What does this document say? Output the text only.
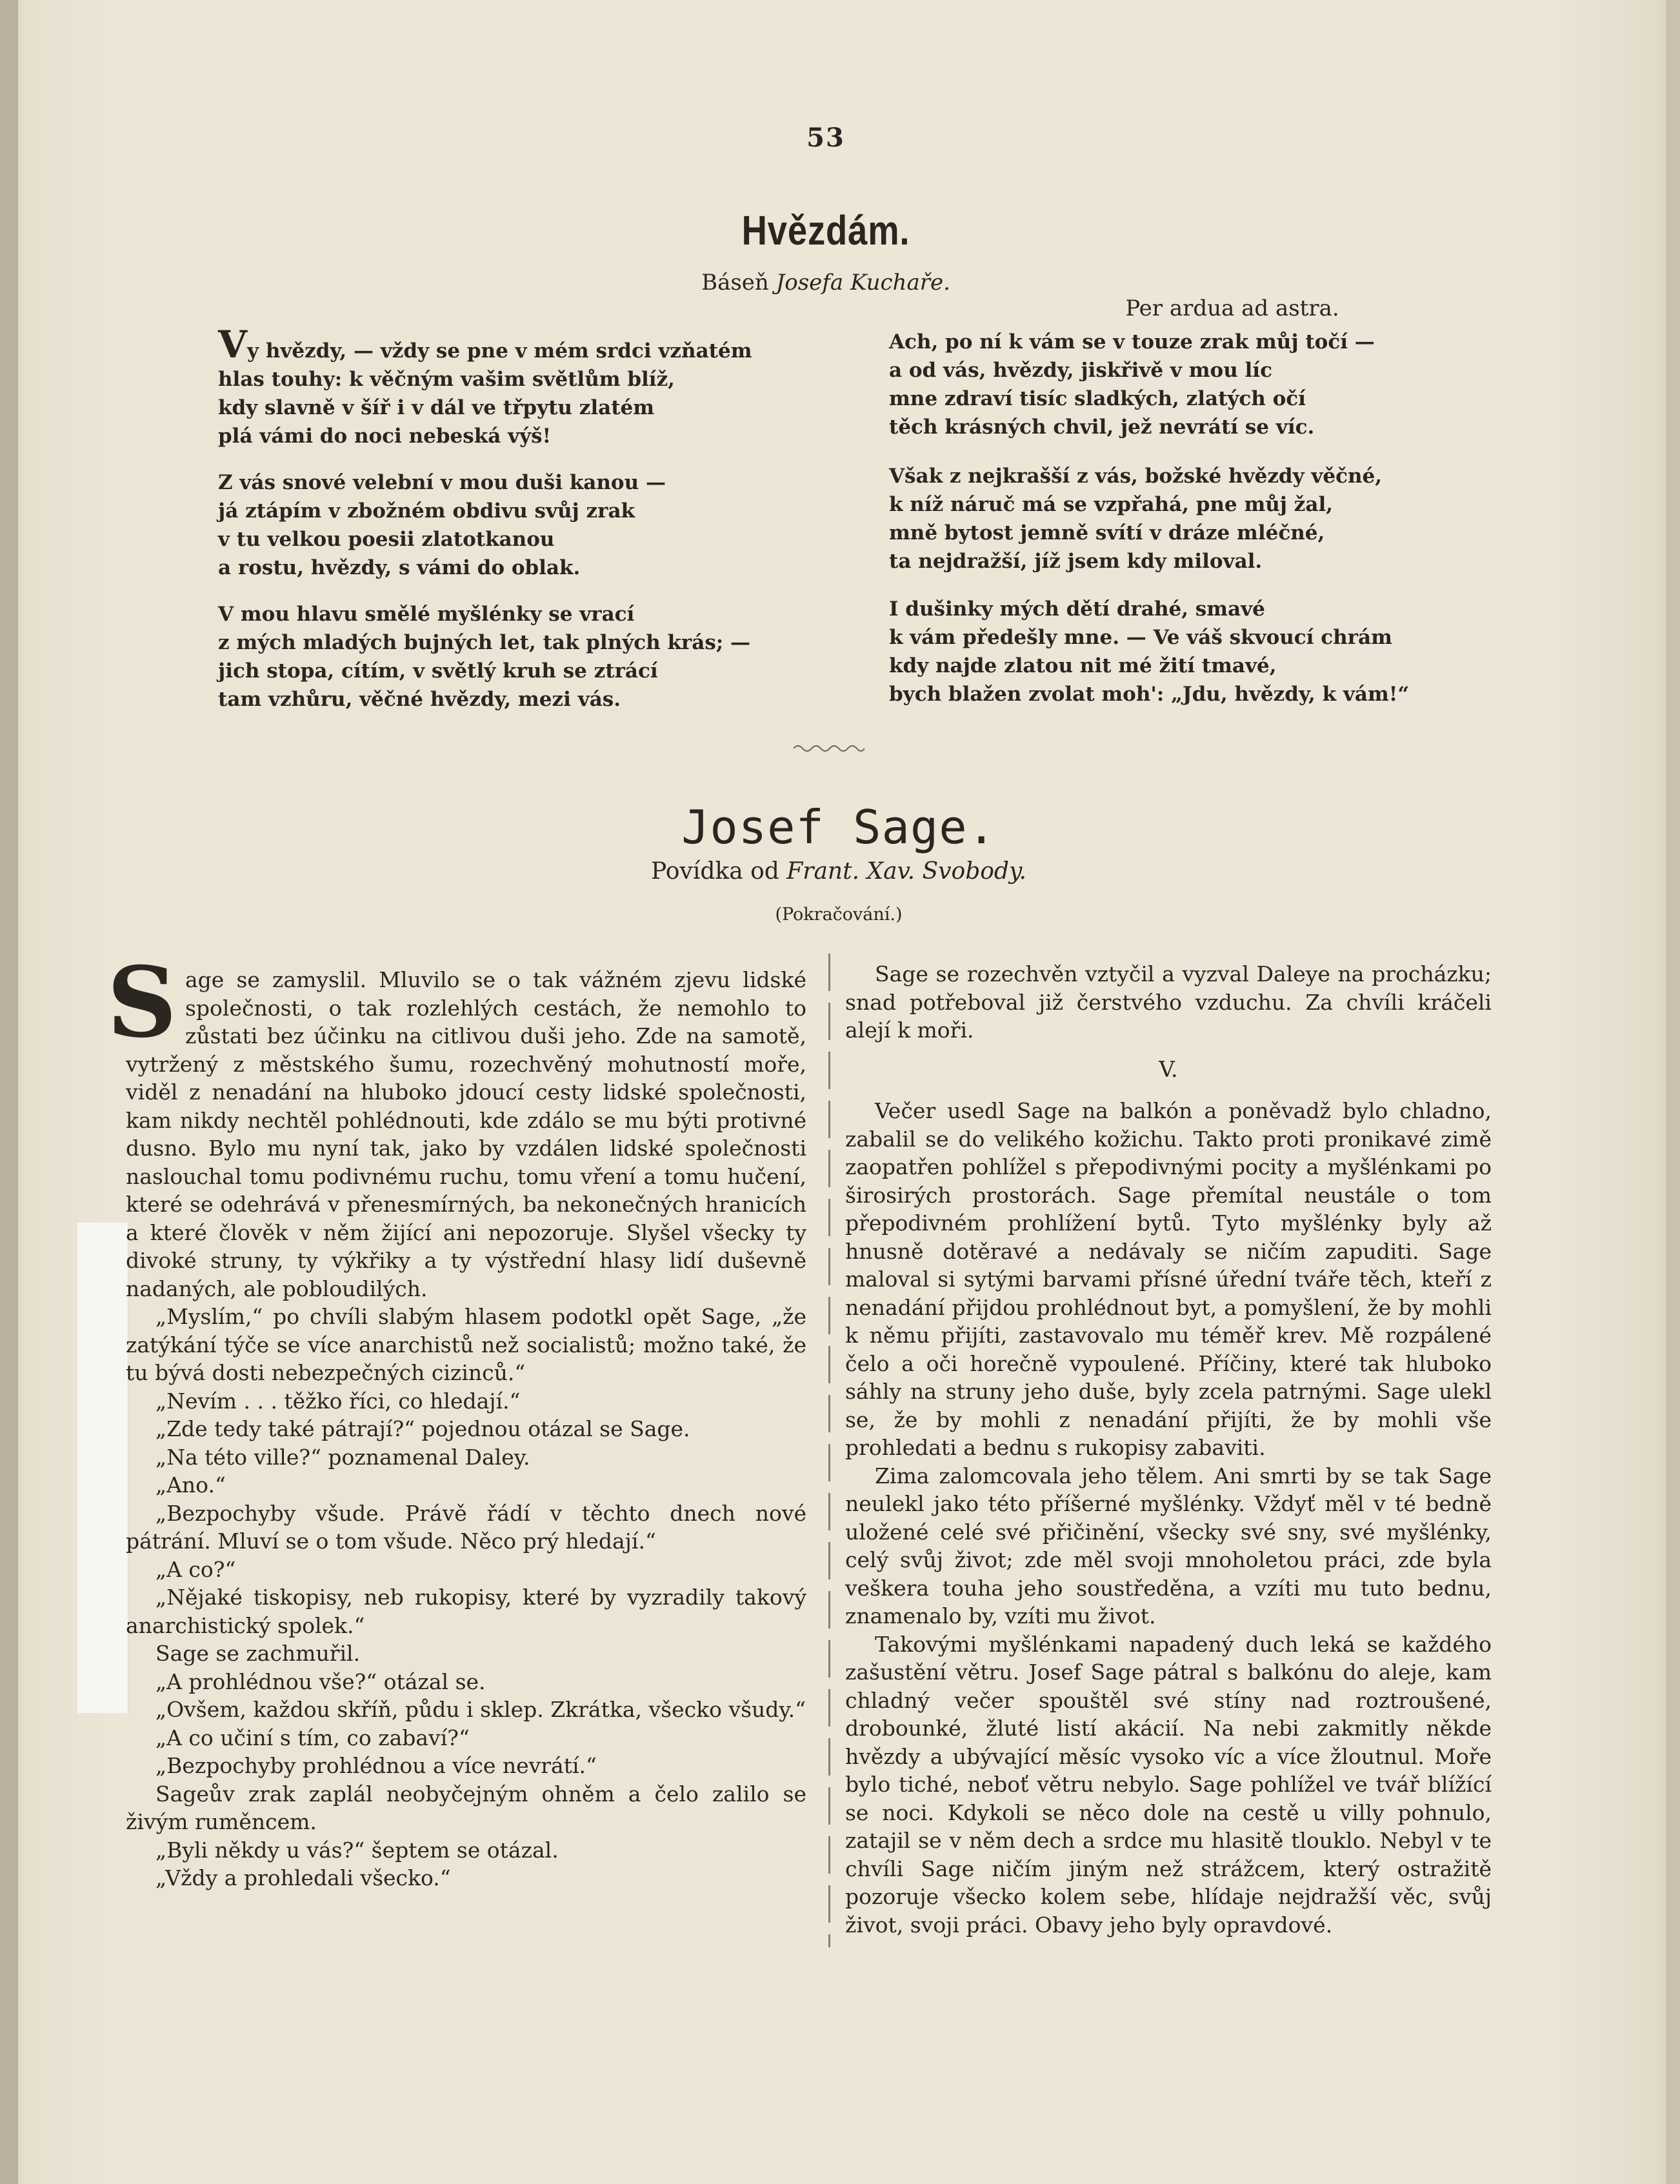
53
Hvězdám.
Báseň Josefa Kuchaře.
Per ardua ad astra.
Vy hvězdy, — vždy se pne v mém srdci vzňatém
hlas touhy: k věčným vašim světlům blíž,
kdy slavně v šíř i v dál ve třpytu zlatém
plá vámi do noci nebeská výš!
Z vás snové velební v mou duši kanou —
já ztápím v zbožném obdivu svůj zrak
v tu velkou poesii zlatotkanou
a rostu, hvězdy, s vámi do oblak.
V mou hlavu smělé myšlénky se vrací
z mých mladých bujných let, tak plných krás; —
jich stopa, cítím, v světlý kruh se ztrácí
tam vzhůru, věčné hvězdy, mezi vás.
Ach, po ní k vám se v touze zrak můj točí —
a od vás, hvězdy, jiskřivě v mou líc
mne zdraví tisíc sladkých, zlatých očí
těch krásných chvil, jež nevrátí se víc.
Však z nejkrašší z vás, božské hvězdy věčné,
k níž náruč má se vzpřahá, pne můj žal,
mně bytost jemně svítí v dráze mléčné,
ta nejdražší, jíž jsem kdy miloval.
I dušinky mých dětí drahé, smavé
k vám předešly mne. — Ve váš skvoucí chrám
kdy najde zlatou nit mé žití tmavé,
bych blažen zvolat moh': „Jdu, hvězdy, k vám!“
Josef Sage.
Povídka od Frant. Xav. Svobody.
(Pokračování.)

Sage se zamyslil. Mluvilo se o tak vážném zjevu lidské společnosti, o tak rozlehlých cestách, že nemohlo to zůstati bez účinku na citlivou duši jeho. Zde na samotě, vytržený z městského šumu, rozechvěný mohutností moře, viděl z nenadání na hluboko jdoucí cesty lidské společnosti, kam nikdy nechtěl pohlédnouti, kde zdálo se mu býti protivné dusno. Bylo mu nyní tak, jako by vzdálen lidské společnosti naslouchal tomu podivnému ruchu, tomu vření a tomu hučení, které se odehrává v přenesmírných, ba nekonečných hranicích a které člověk v něm žijící ani nepozoruje. Slyšel všecky ty divoké struny, ty výkřiky a ty výstřední hlasy lidí duševně nadaných, ale pobloudilých.

„Myslím,“ po chvíli slabým hlasem podotkl opět Sage, „že zatýkání týče se více anarchistů než socialistů; možno také, že tu bývá dosti nebezpečných cizinců.“

„Nevím . . . těžko říci, co hledají.“

„Zde tedy také pátrají?“ pojednou otázal se Sage.

„Na této ville?“ poznamenal Daley.

„Ano.“

„Bezpochyby všude. Právě řádí v těchto dnech nové pátrání. Mluví se o tom všude. Něco prý hledají.“

„A co?“

„Nějaké tiskopisy, neb rukopisy, které by vyzradily takový anarchistický spolek.“

Sage se zachmuřil.

„A prohlédnou vše?“ otázal se.

„Ovšem, každou skříň, půdu i sklep. Zkrátka, všecko všudy.“

„A co učiní s tím, co zabaví?“

„Bezpochyby prohlédnou a více nevrátí.“

Sageův zrak zaplál neobyčejným ohněm a čelo zalilo se živým ruměncem.

„Byli někdy u vás?“ šeptem se otázal.

„Vždy a prohledali všecko.“

Sage se rozechvěn vztyčil a vyzval Daleye na procházku; snad potřeboval již čerstvého vzduchu. Za chvíli kráčeli alejí k moři.

V.

Večer usedl Sage na balkón a poněvadž bylo chladno, zabalil se do velikého kožichu. Takto proti pronikavé zimě zaopatřen pohlížel s přepodivnými pocity a myšlénkami po širosirých prostorách. Sage přemítal neustále o tom přepodivném prohlížení bytů. Tyto myšlénky byly až hnusně dotěravé a nedávaly se ničím zapuditi. Sage maloval si sytými barvami přísné úřední tváře těch, kteří z nenadání přijdou prohlédnout byt, a pomyšlení, že by mohli k němu přijíti, zastavovalo mu téměř krev. Mě rozpálené čelo a oči horečně vypoulené. Příčiny, které tak hluboko sáhly na struny jeho duše, byly zcela patrnými. Sage ulekl se, že by mohli z nenadání přijíti, že by mohli vše prohledati a bednu s rukopisy zabaviti.

Zima zalomcovala jeho tělem. Ani smrti by se tak Sage neulekl jako této příšerné myšlénky. Vždyť měl v té bedně uložené celé své přičinění, všecky své sny, své myšlénky, celý svůj život; zde měl svoji mnoholetou práci, zde byla veškera touha jeho soustředěna, a vzíti mu tuto bednu, znamenalo by, vzíti mu život.

Takovými myšlénkami napadený duch leká se každého zašustění větru. Josef Sage pátral s balkónu do aleje, kam chladný večer spouštěl své stíny nad roztroušené, drobounké, žluté listí akácií. Na nebi zakmitly někde hvězdy a ubývající měsíc vysoko víc a více žloutnul. Moře bylo tiché, neboť větru nebylo. Sage pohlížel ve tvář blížící se noci. Kdykoli se něco dole na cestě u villy pohnulo, zatajil se v něm dech a srdce mu hlasitě tlouklo. Nebyl v te chvíli Sage ničím jiným než strážcem, který ostražitě pozoruje všecko kolem sebe, hlídaje nejdražší věc, svůj život, svoji práci. Obavy jeho byly opravdové.
